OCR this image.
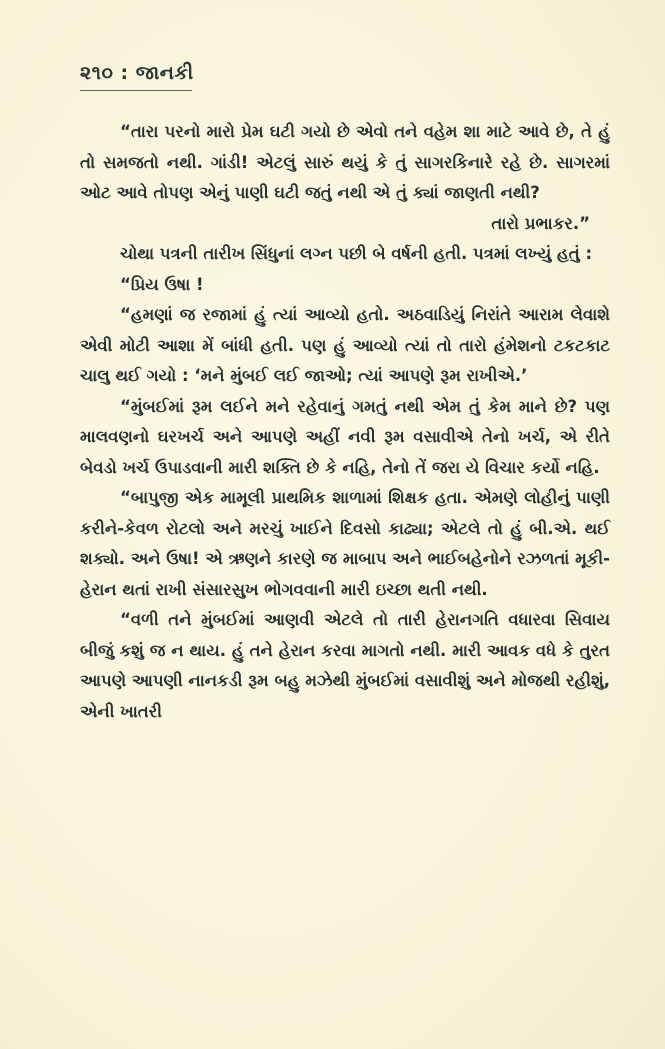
૨૧૦ : જાનકી

“તારા પરનો મારો પ્રેમ ઘટી ગયો છે એવો તને વહેમ શા માટે આવે છે, તે હું તો સમજતો નથી. ગાંડી! એટલું સારું થયું કે તું સાગરકિનારે રહે છે. સાગરમાં ઓટ આવે તોપણ એનું પાણી ઘટી જતું નથી એ તું ક્યાં જાણતી નથી?

તારો પ્રભાકર.”

ચોથા પત્રની તારીખ સિંધુનાં લગ્ન પછી બે વર્ષની હતી. પત્રમાં લખ્યું હતું :

“પ્રિય ઉષા !

“હમણાં જ રજામાં હું ત્યાં આવ્યો હતો. અઠવાડિયું નિરાંતે આરામ લેવાશે એવી મોટી આશા મેં બાંધી હતી. પણ હું આવ્યો ત્યાં તો તારો હંમેશનો ટકટકાટ ચાલુ થઈ ગયો : ‘મને મુંબઈ લઈ જાઓ; ત્યાં આપણે રૂમ રાખીએ.’

“મુંબઈમાં રૂમ લઈને મને રહેવાનું ગમતું નથી એમ તું કેમ માને છે? પણ માલવણનો ઘરખર્ચ અને આપણે અહીં નવી રૂમ વસાવીએ તેનો ખર્ચ, એ રીતે બેવડો ખર્ચ ઉપાડવાની મારી શક્તિ છે કે નહિ, તેનો તેં જરા યે વિચાર કર્યો નહિ.

“બાપુજી એક મામૂલી પ્રાથમિક શાળામાં શિક્ષક હતા. એમણે લોહીનું પાણી કરીને-કેવળ રોટલો અને મરચું ખાઈને દિવસો કાઢ્યા; એટલે તો હું બી.એ. થઈ શક્યો. અને ઉષા! એ ઋણને કારણે જ માબાપ અને ભાઈબહેનોને રઝળતાં મૂકી-હેરાન થતાં રાખી સંસારસુખ ભોગવવાની મારી ઇચ્છા થતી નથી.

“વળી તને મુંબઈમાં આણવી એટલે તો તારી હેરાનગતિ વધારવા સિવાય બીજું કશું જ ન થાય. હું તને હેરાન કરવા માગતો નથી. મારી આવક વધે કે તુરત આપણે આપણી નાનકડી રૂમ બહુ મઝેથી મુંબઈમાં વસાવીશું અને મોજથી રહીશું, એની ખાતરી
